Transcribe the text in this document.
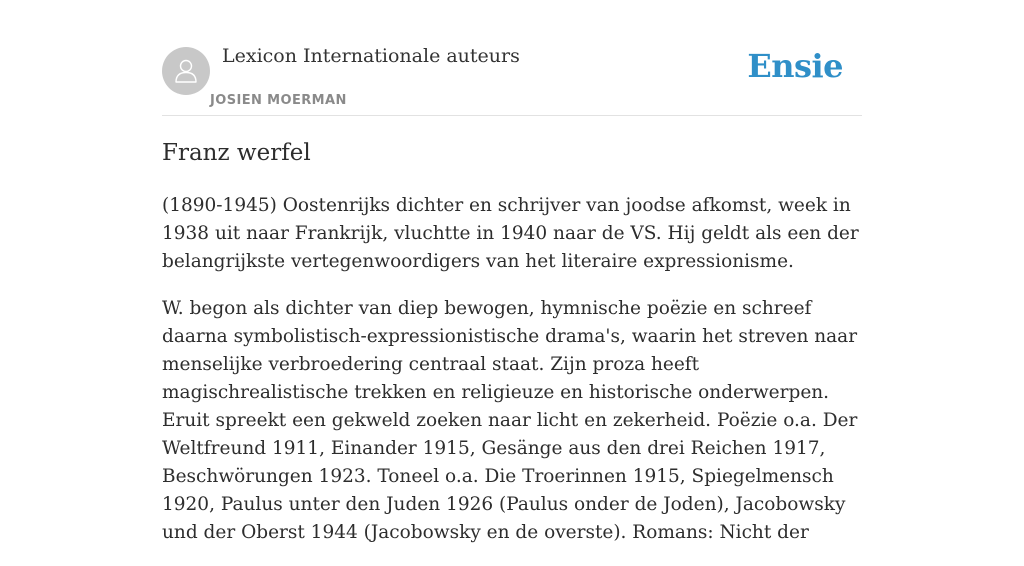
Lexicon Internationale auteurs
JOSIEN MOERMAN
Ensie
Franz werfel

(1890-1945) Oostenrijks dichter en schrijver van joodse afkomst, week in 1938 uit naar Frankrijk, vluchtte in 1940 naar de VS. Hij geldt als een der belangrijkste vertegenwoordigers van het literaire expressionisme.

W. begon als dichter van diep bewogen, hymnische poëzie en schreef daarna symbolistisch-expressionistische drama's, waarin het streven naar menselijke verbroedering centraal staat. Zijn proza heeft magischrealistische trekken en religieuze en historische onderwerpen. Eruit spreekt een gekweld zoeken naar licht en zekerheid. Poëzie o.a. Der Weltfreund 1911, Einander 1915, Gesänge aus den drei Reichen 1917, Beschwörungen 1923. Toneel o.a. Die Troerinnen 1915, Spiegelmensch 1920, Paulus unter den Juden 1926 (Paulus onder de Joden), Jacobowsky und der Oberst 1944 (Jacobowsky en de overste). Romans: Nicht der
